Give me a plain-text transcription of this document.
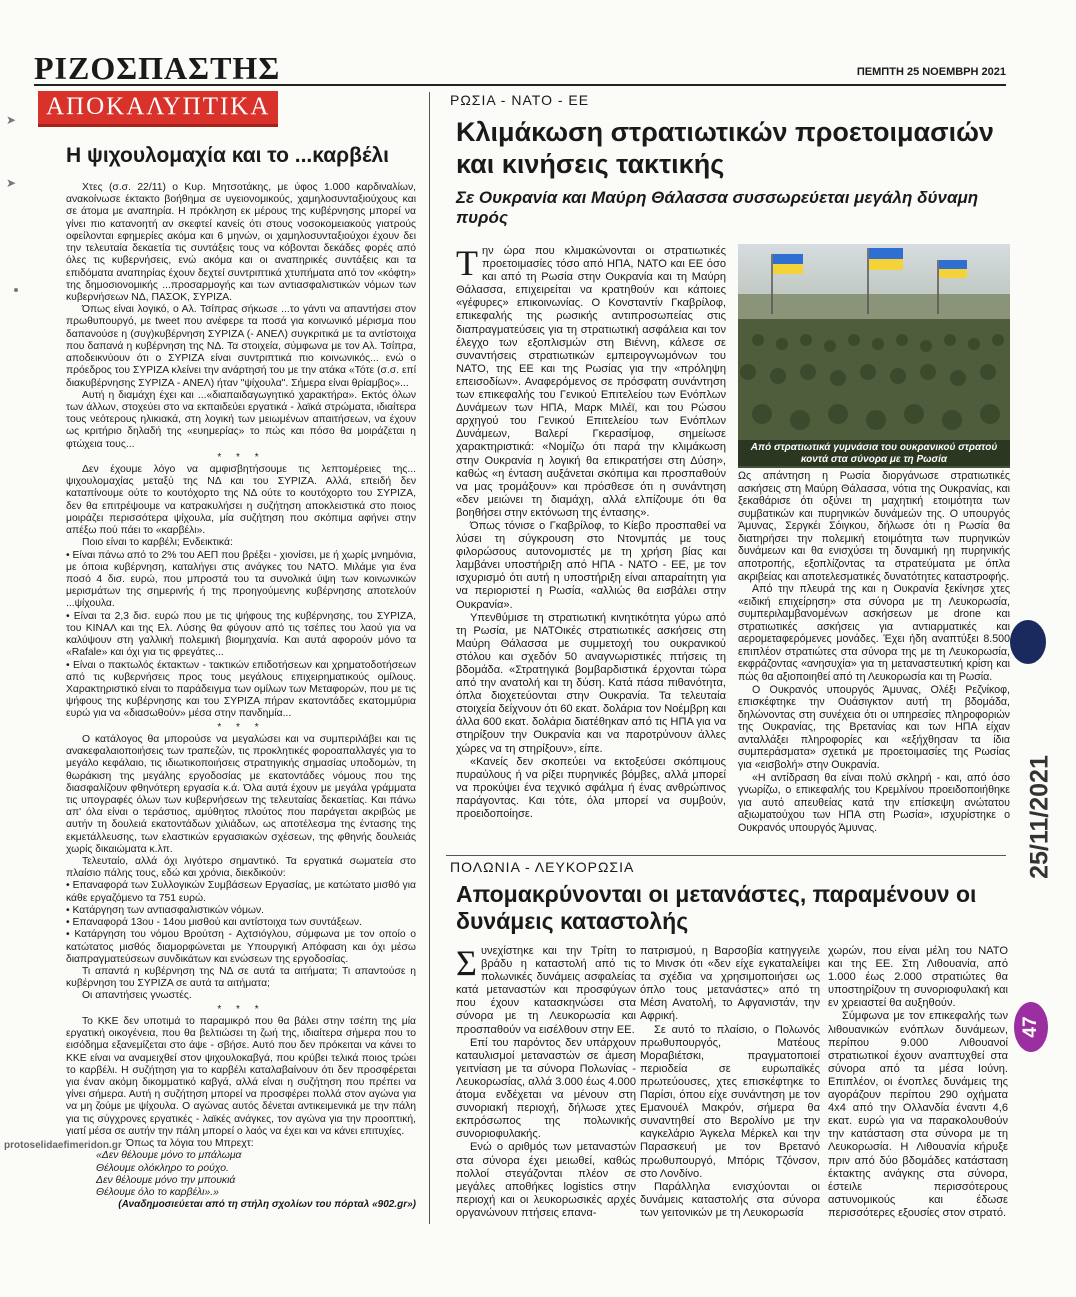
ΡΙΖΟΣΠΑΣΤΗΣ	ΠΕΜΠΤΗ 25 ΝΟΕΜΒΡΗ 2021
➤
➤
protoselidaefimeridon.gr
ΑΠΟΚΑΛΥΠΤΙΚΑ
Η ψιχουλομαχία και το ...καρβέλι

Χτες (σ.σ. 22/11) ο Κυρ. Μητσοτάκης, με ύφος 1.000 καρδιναλίων, ανακοίνωσε έκτακτο βοήθημα σε υγειονομικούς, χαμηλοσυνταξιούχους και σε άτομα με αναπηρία. Η πρόκληση εκ μέρους της κυβέρνησης μπορεί να γίνει πιο κατανοητή αν σκεφτεί κανείς ότι στους νοσοκομειακούς γιατρούς οφείλονται εφημερίες ακόμα και 6 μηνών, οι χαμηλοσυνταξιούχοι έχουν δει την τελευταία δεκαετία τις συντάξεις τους να κόβονται δεκάδες φορές από όλες τις κυβερνήσεις, ενώ ακόμα και οι αναπηρικές συντάξεις και τα επιδόματα αναπηρίας έχουν δεχτεί συντριπτικά χτυπήματα από τον «κόφτη» της δημοσιονομικής ...προσαρμογής και των αντιασφαλιστικών νόμων των κυβερνήσεων ΝΔ, ΠΑΣΟΚ, ΣΥΡΙΖΑ.

Όπως είναι λογικό, ο Αλ. Τσίπρας σήκωσε ...το γάντι να απαντήσει στον πρωθυπουργό, με tweet που ανέφερε τα ποσά για κοινωνικό μέρισμα που δαπανούσε η (συγ)κυβέρνηση ΣΥΡΙΖΑ (- ΑΝΕΛ) συγκριτικά με τα αντίστοιχα που δαπανά η κυβέρνηση της ΝΔ. Τα στοιχεία, σύμφωνα με τον Αλ. Τσίπρα, αποδεικνύουν ότι ο ΣΥΡΙΖΑ είναι συντριπτικά πιο κοινωνικός... ενώ ο πρόεδρος του ΣΥΡΙΖΑ κλείνει την ανάρτησή του με την ατάκα «Τότε (σ.σ. επί διακυβέρνησης ΣΥΡΙΖΑ - ΑΝΕΛ) ήταν "ψίχουλα". Σήμερα είναι θρίαμβος»...

Αυτή η διαμάχη έχει και ...«διαπαιδαγωγητικό χαρακτήρα». Εκτός όλων των άλλων, στοχεύει στο να εκπαιδεύει εργατικά - λαϊκά στρώματα, ιδιαίτερα τους νεότερους ηλικιακά, στη λογική των μειωμένων απαιτήσεων, να έχουν ως κριτήριο δηλαδή της «ευημερίας» το πώς και πόσο θα μοιράζεται η φτώχεια τους...

* * *

Δεν έχουμε λόγο να αμφισβητήσουμε τις λεπτομέρειες της... ψιχουλομαχίας μεταξύ της ΝΔ και του ΣΥΡΙΖΑ. Αλλά, επειδή δεν καταπίνουμε ούτε το κουτόχορτο της ΝΔ ούτε το κουτόχορτο του ΣΥΡΙΖΑ, δεν θα επιτρέψουμε να κατρακυλήσει η συζήτηση αποκλειστικά στο ποιος μοιράζει περισσότερα ψίχουλα, μία συζήτηση που σκόπιμα αφήνει στην απέξω πού πάει το «καρβέλι».

Ποιο είναι το καρβέλι; Ενδεικτικά:

• Είναι πάνω από το 2% του ΑΕΠ που βρέξει - χιονίσει, με ή χωρίς μνημόνια, με όποια κυβέρνηση, καταλήγει στις ανάγκες του ΝΑΤΟ. Μιλάμε για ένα ποσό 4 δισ. ευρώ, που μπροστά του τα συνολικά ύψη των κοινωνικών μερισμάτων της σημερινής ή της προηγούμενης κυβέρνησης αποτελούν ...ψίχουλα.
• Είναι τα 2,3 δισ. ευρώ που με τις ψήφους της κυβέρνησης, του ΣΥΡΙΖΑ, του ΚΙΝΑΛ και της Ελ. Λύσης θα φύγουν από τις τσέπες του λαού για να καλύψουν στη γαλλική πολεμική βιομηχανία. Και αυτά αφορούν μόνο τα «Rafale» και όχι για τις φρεγάτες...
• Είναι ο πακτωλός έκτακτων - τακτικών επιδοτήσεων και χρηματοδοτήσεων από τις κυβερνήσεις προς τους μεγάλους επιχειρηματικούς ομίλους. Χαρακτηριστικό είναι το παράδειγμα των ομίλων των Μεταφορών, που με τις ψήφους της κυβέρνησης και του ΣΥΡΙΖΑ πήραν εκατοντάδες εκατομμύρια ευρώ για να «διασωθούν» μέσα στην πανδημία...

* * *

Ο κατάλογος θα μπορούσε να μεγαλώσει και να συμπεριλάβει και τις ανακεφαλαιοποιήσεις των τραπεζών, τις προκλητικές φοροαπαλλαγές για το μεγάλο κεφάλαιο, τις ιδιωτικοποιήσεις στρατηγικής σημασίας υποδομών, τη θωράκιση της μεγάλης εργοδοσίας με εκατοντάδες νόμους που της διασφαλίζουν φθηνότερη εργασία κ.ά. Όλα αυτά έχουν με μεγάλα γράμματα τις υπογραφές όλων των κυβερνήσεων της τελευταίας δεκαετίας. Και πάνω απ' όλα είναι ο τεράστιος, αμύθητος πλούτος που παράγεται ακριβώς με αυτήν τη δουλειά εκατοντάδων χιλιάδων, ως αποτέλεσμα της έντασης της εκμετάλλευσης, των ελαστικών εργασιακών σχέσεων, της φθηνής δουλειάς χωρίς δικαιώματα κ.λπ.

Τελευταίο, αλλά όχι λιγότερο σημαντικό. Τα εργατικά σωματεία στο πλαίσιο πάλης τους, εδώ και χρόνια, διεκδικούν:

• Επαναφορά των Συλλογικών Συμβάσεων Εργασίας, με κατώτατο μισθό για κάθε εργαζόμενο τα 751 ευρώ.
• Κατάργηση των αντιασφαλιστικών νόμων.
• Επαναφορά 13ου - 14ου μισθού και αντίστοιχα των συντάξεων.
• Κατάργηση του νόμου Βρούτση - Αχτσιόγλου, σύμφωνα με τον οποίο ο κατώτατος μισθός διαμορφώνεται με Υπουργική Απόφαση και όχι μέσω διαπραγματεύσεων συνδικάτων και ενώσεων της εργοδοσίας.

Τι απαντά η κυβέρνηση της ΝΔ σε αυτά τα αιτήματα; Τι απαντούσε η κυβέρνηση του ΣΥΡΙΖΑ σε αυτά τα αιτήματα;

Οι απαντήσεις γνωστές.

* * *

Το ΚΚΕ δεν υποτιμά το παραμικρό που θα βάλει στην τσέπη της μία εργατική οικογένεια, που θα βελτιώσει τη ζωή της, ιδιαίτερα σήμερα που το εισόδημα εξανεμίζεται στο άψε - σβήσε. Αυτό που δεν πρόκειται να κάνει το ΚΚΕ είναι να αναμειχθεί στον ψιχουλοκαβγά, που κρύβει τελικά ποιος τρώει το καρβέλι. Η συζήτηση για το καρβέλι καταλαβαίνουν ότι δεν προσφέρεται για έναν ακόμη δικομματικό καβγά, αλλά είναι η συζήτηση που πρέπει να γίνει σήμερα. Αυτή η συζήτηση μπορεί να προσφέρει πολλά στον αγώνα για να μη ζούμε με ψίχουλα. Ο αγώνας αυτός δένεται αντικειμενικά με την πάλη για τις σύγχρονες εργατικές - λαϊκές ανάγκες, τον αγώνα για την προοπτική, γιατί μέσα σε αυτήν την πάλη μπορεί ο λαός να έχει και να κάνει επιτυχίες.

Όπως τα λόγια του Μπρεχτ:

«Δεν θέλουμε μόνο το μπάλωμα

Θέλουμε ολόκληρο το ρούχο.

Δεν θέλουμε μόνο την μπουκιά

Θέλουμε όλο το καρβέλι».»

(Αναδημοσιεύεται από τη στήλη σχολίων του πόρταλ «902.gr»)

ΡΩΣΙΑ - ΝΑΤΟ - ΕΕ
Κλιμάκωση στρατιωτικών προετοιμασιών και κινήσεις τακτικής
Σε Ουκρανία και Μαύρη Θάλασσα συσσωρεύεται μεγάλη δύναμη πυρός

Την ώρα που κλιμακώνονται οι στρατιωτικές προετοιμασίες τόσο από ΗΠΑ, ΝΑΤΟ και ΕΕ όσο και από τη Ρωσία στην Ουκρανία και τη Μαύρη Θάλασσα, επιχειρείται να κρατηθούν και κάποιες «γέφυρες» επικοινωνίας. Ο Κονσταντίν Γκαβρίλοφ, επικεφαλής της ρωσικής αντιπροσωπείας στις διαπραγματεύσεις για τη στρατιωτική ασφάλεια και τον έλεγχο των εξοπλισμών στη Βιέννη, κάλεσε σε συναντήσεις στρατιωτικών εμπειρογνωμόνων του ΝΑΤΟ, της ΕΕ και της Ρωσίας για την «πρόληψη επεισοδίων». Αναφερόμενος σε πρόσφατη συνάντηση των επικεφαλής του Γενικού Επιτελείου των Ενόπλων Δυνάμεων των ΗΠΑ, Μαρκ Μιλέϊ, και του Ρώσου αρχηγού του Γενικού Επιτελείου των Ενόπλων Δυνάμεων, Βαλερί Γκερασίμοφ, σημείωσε χαρακτηριστικά: «Νομίζω ότι παρά την κλιμάκωση στην Ουκρανία η λογική θα επικρατήσει στη Δύση», καθώς «η ένταση αυξάνεται σκόπιμα και προσπαθούν να μας τρομάξουν» και πρόσθεσε ότι η συνάντηση «δεν μειώνει τη διαμάχη, αλλά ελπίζουμε ότι θα βοηθήσει στην εκτόνωση της έντασης».

Όπως τόνισε ο Γκαβρίλοφ, το Κίεβο προσπαθεί να λύσει τη σύγκρουση στο Ντονμπάς με τους φιλορώσους αυτονομιστές με τη χρήση βίας και λαμβάνει υποστήριξη από ΗΠΑ - ΝΑΤΟ - ΕΕ, με τον ισχυρισμό ότι αυτή η υποστήριξη είναι απαραίτητη για να περιοριστεί η Ρωσία, «αλλιώς θα εισβάλει στην Ουκρανία».

Υπενθύμισε τη στρατιωτική κινητικότητα γύρω από τη Ρωσία, με ΝΑΤΟικές στρατιωτικές ασκήσεις στη Μαύρη Θάλασσα με συμμετοχή του ουκρανικού στόλου και σχεδόν 50 αναγνωριστικές πτήσεις τη βδομάδα. «Στρατηγικά βομβαρδιστικά έρχονται τώρα από την ανατολή και τη δύση. Κατά πάσα πιθανότητα, όπλα διοχετεύονται στην Ουκρανία. Τα τελευταία στοιχεία δείχνουν ότι 60 εκατ. δολάρια τον Νοέμβρη και άλλα 600 εκατ. δολάρια διατέθηκαν από τις ΗΠΑ για να στηρίξουν την Ουκρανία και να παροτρύνουν άλλες χώρες να τη στηρίξουν», είπε.

«Κανείς δεν σκοπεύει να εκτοξεύσει σκόπιμους πυραύλους ή να ρίξει πυρηνικές βόμβες, αλλά μπορεί να προκύψει ένα τεχνικό σφάλμα ή ένας ανθρώπινος παράγοντας. Και τότε, όλα μπορεί να συμβούν, προειδοποίησε.

Από στρατιωτικά γυμνάσια του ουκρανικού στρατού κοντά στα σύνορα με τη Ρωσία

Ως απάντηση η Ρωσία διοργάνωσε στρατιωτικές ασκήσεις στη Μαύρη Θάλασσα, νότια της Ουκρανίας, και ξεκαθάρισε ότι οξύνει τη μαχητική ετοιμότητα των συμβατικών και πυρηνικών δυνάμεών της. Ο υπουργός Άμυνας, Σεργκέι Σόιγκου, δήλωσε ότι η Ρωσία θα διατηρήσει την πολεμική ετοιμότητα των πυρηνικών δυνάμεων και θα ενισχύσει τη δυναμική ηη πυρηνικής αποτροπής, εξοπλίζοντας τα στρατεύματα με όπλα ακριβείας και αποτελεσματικές δυνατότητες καταστροφής.

Από την πλευρά της και η Ουκρανία ξεκίνησε χτες «ειδική επιχείρηση» στα σύνορα με τη Λευκορωσία, συμπεριλαμβανομένων ασκήσεων με drone και στρατιωτικές ασκήσεις για αντιαρματικές και αερομεταφερόμενες μονάδες. Έχει ήδη αναπτύξει 8.500 επιπλέον στρατιώτες στα σύνορα της με τη Λευκορωσία, εκφράζοντας «ανησυχία» για τη μεταναστευτική κρίση και πώς θα αξιοποιηθεί από τη Λευκορωσία και τη Ρωσία.

Ο Ουκρανός υπουργός Άμυνας, Ολέξι Ρεζνίκοφ, επισκέφτηκε την Ουάσιγκτον αυτή τη βδομάδα, δηλώνοντας στη συνέχεια ότι οι υπηρεσίες πληροφοριών της Ουκρανίας, της Βρετανίας και των ΗΠΑ είχαν ανταλλάξει πληροφορίες και «εξήχθησαν τα ίδια συμπεράσματα» σχετικά με προετοιμασίες της Ρωσίας για «εισβολή» στην Ουκρανία.

«Η αντίδραση θα είναι πολύ σκληρή - και, από όσο γνωρίζω, ο επικεφαλής του Κρεμλίνου προειδοποιήθηκε για αυτό απευθείας κατά την επίσκεψη ανώτατου αξιωματούχου των ΗΠΑ στη Ρωσία», ισχυρίστηκε ο Ουκρανός υπουργός Άμυνας.

ΠΟΛΩΝΙΑ - ΛΕΥΚΟΡΩΣΙΑ
Απομακρύνονται οι μετανάστες, παραμένουν οι δυνάμεις καταστολής

Συνεχίστηκε και την Τρίτη το βράδυ η καταστολή από τις πολωνικές δυνάμεις ασφαλείας κατά μεταναστών και προσφύγων που έχουν κατασκηνώσει στα σύνορα με τη Λευκορωσία και προσπαθούν να εισέλθουν στην ΕΕ.

Επί του παρόντος δεν υπάρχουν καταυλισμοί μεταναστών σε άμεση γειτνίαση με τα σύνορα Πολωνίας - Λευκορωσίας, αλλά 3.000 έως 4.000 άτομα ενδέχεται να μένουν στη συνοριακή περιοχή, δήλωσε χτες εκπρόσωπος της πολωνικής συνοριοφυλακής.

Ενώ ο αριθμός των μεταναστών στα σύνορα έχει μειωθεί, καθώς πολλοί στεγάζονται πλέον σε μεγάλες αποθήκες logistics στην περιοχή και οι λευκορωσικές αρχές οργανώνουν πτήσεις επανα-

πατρισμού, η Βαρσοβία κατηγγειλε το Μινσκ ότι «δεν είχε εγκαταλείψει τα σχέδια να χρησιμοποιήσει ως όπλο τους μετανάστες» από τη Μέση Ανατολή, το Αφγανιστάν, την Αφρική.

Σε αυτό το πλαίσιο, ο Πολωνός πρωθυπουργός, Ματέους Μοραβιέτσκι, πραγματοποιεί περιοδεία σε ευρωπαϊκές πρωτεύουσες, χτες επισκέφτηκε το Παρίσι, όπου είχε συνάντηση με τον Εμανουέλ Μακρόν, σήμερα θα συναντηθεί στο Βερολίνο με την καγκελάριο Άγκελα Μέρκελ και την Παρασκευή με τον Βρετανό πρωθυπουργό, Μπόρις Τζόνσον, στο Λονδίνο.

Παράλληλα ενισχύονται οι δυνάμεις καταστολής στα σύνορα των γειτονικών με τη Λευκορωσία

χωρών, που είναι μέλη του ΝΑΤΟ και της ΕΕ. Στη Λιθουανία, από 1.000 έως 2.000 στρατιώτες θα υποστηρίζουν τη συνοριοφυλακή και εν χρειαστεί θα αυξηθούν.

Σύμφωνα με τον επικεφαλής των λιθουανικών ενόπλων δυνάμεων, περίπου 9.000 Λιθουανοί στρατιωτικοί έχουν αναπτυχθεί στα σύνορα από τα μέσα Ιούνη. Επιπλέον, οι ένοπλες δυνάμεις της αγοράζουν περίπου 290 οχήματα 4x4 από την Ολλανδία έναντι 4,6 εκατ. ευρώ για να παρακολουθούν την κατάσταση στα σύνορα με τη Λευκορωσία. Η Λιθουανία κήρυξε πριν από δύο βδομάδες κατάσταση έκτακτης ανάγκης στα σύνορα, έστειλε περισσότερους αστυνομικούς και έδωσε περισσότερες εξουσίες στον στρατό.

25/11/2021
47
